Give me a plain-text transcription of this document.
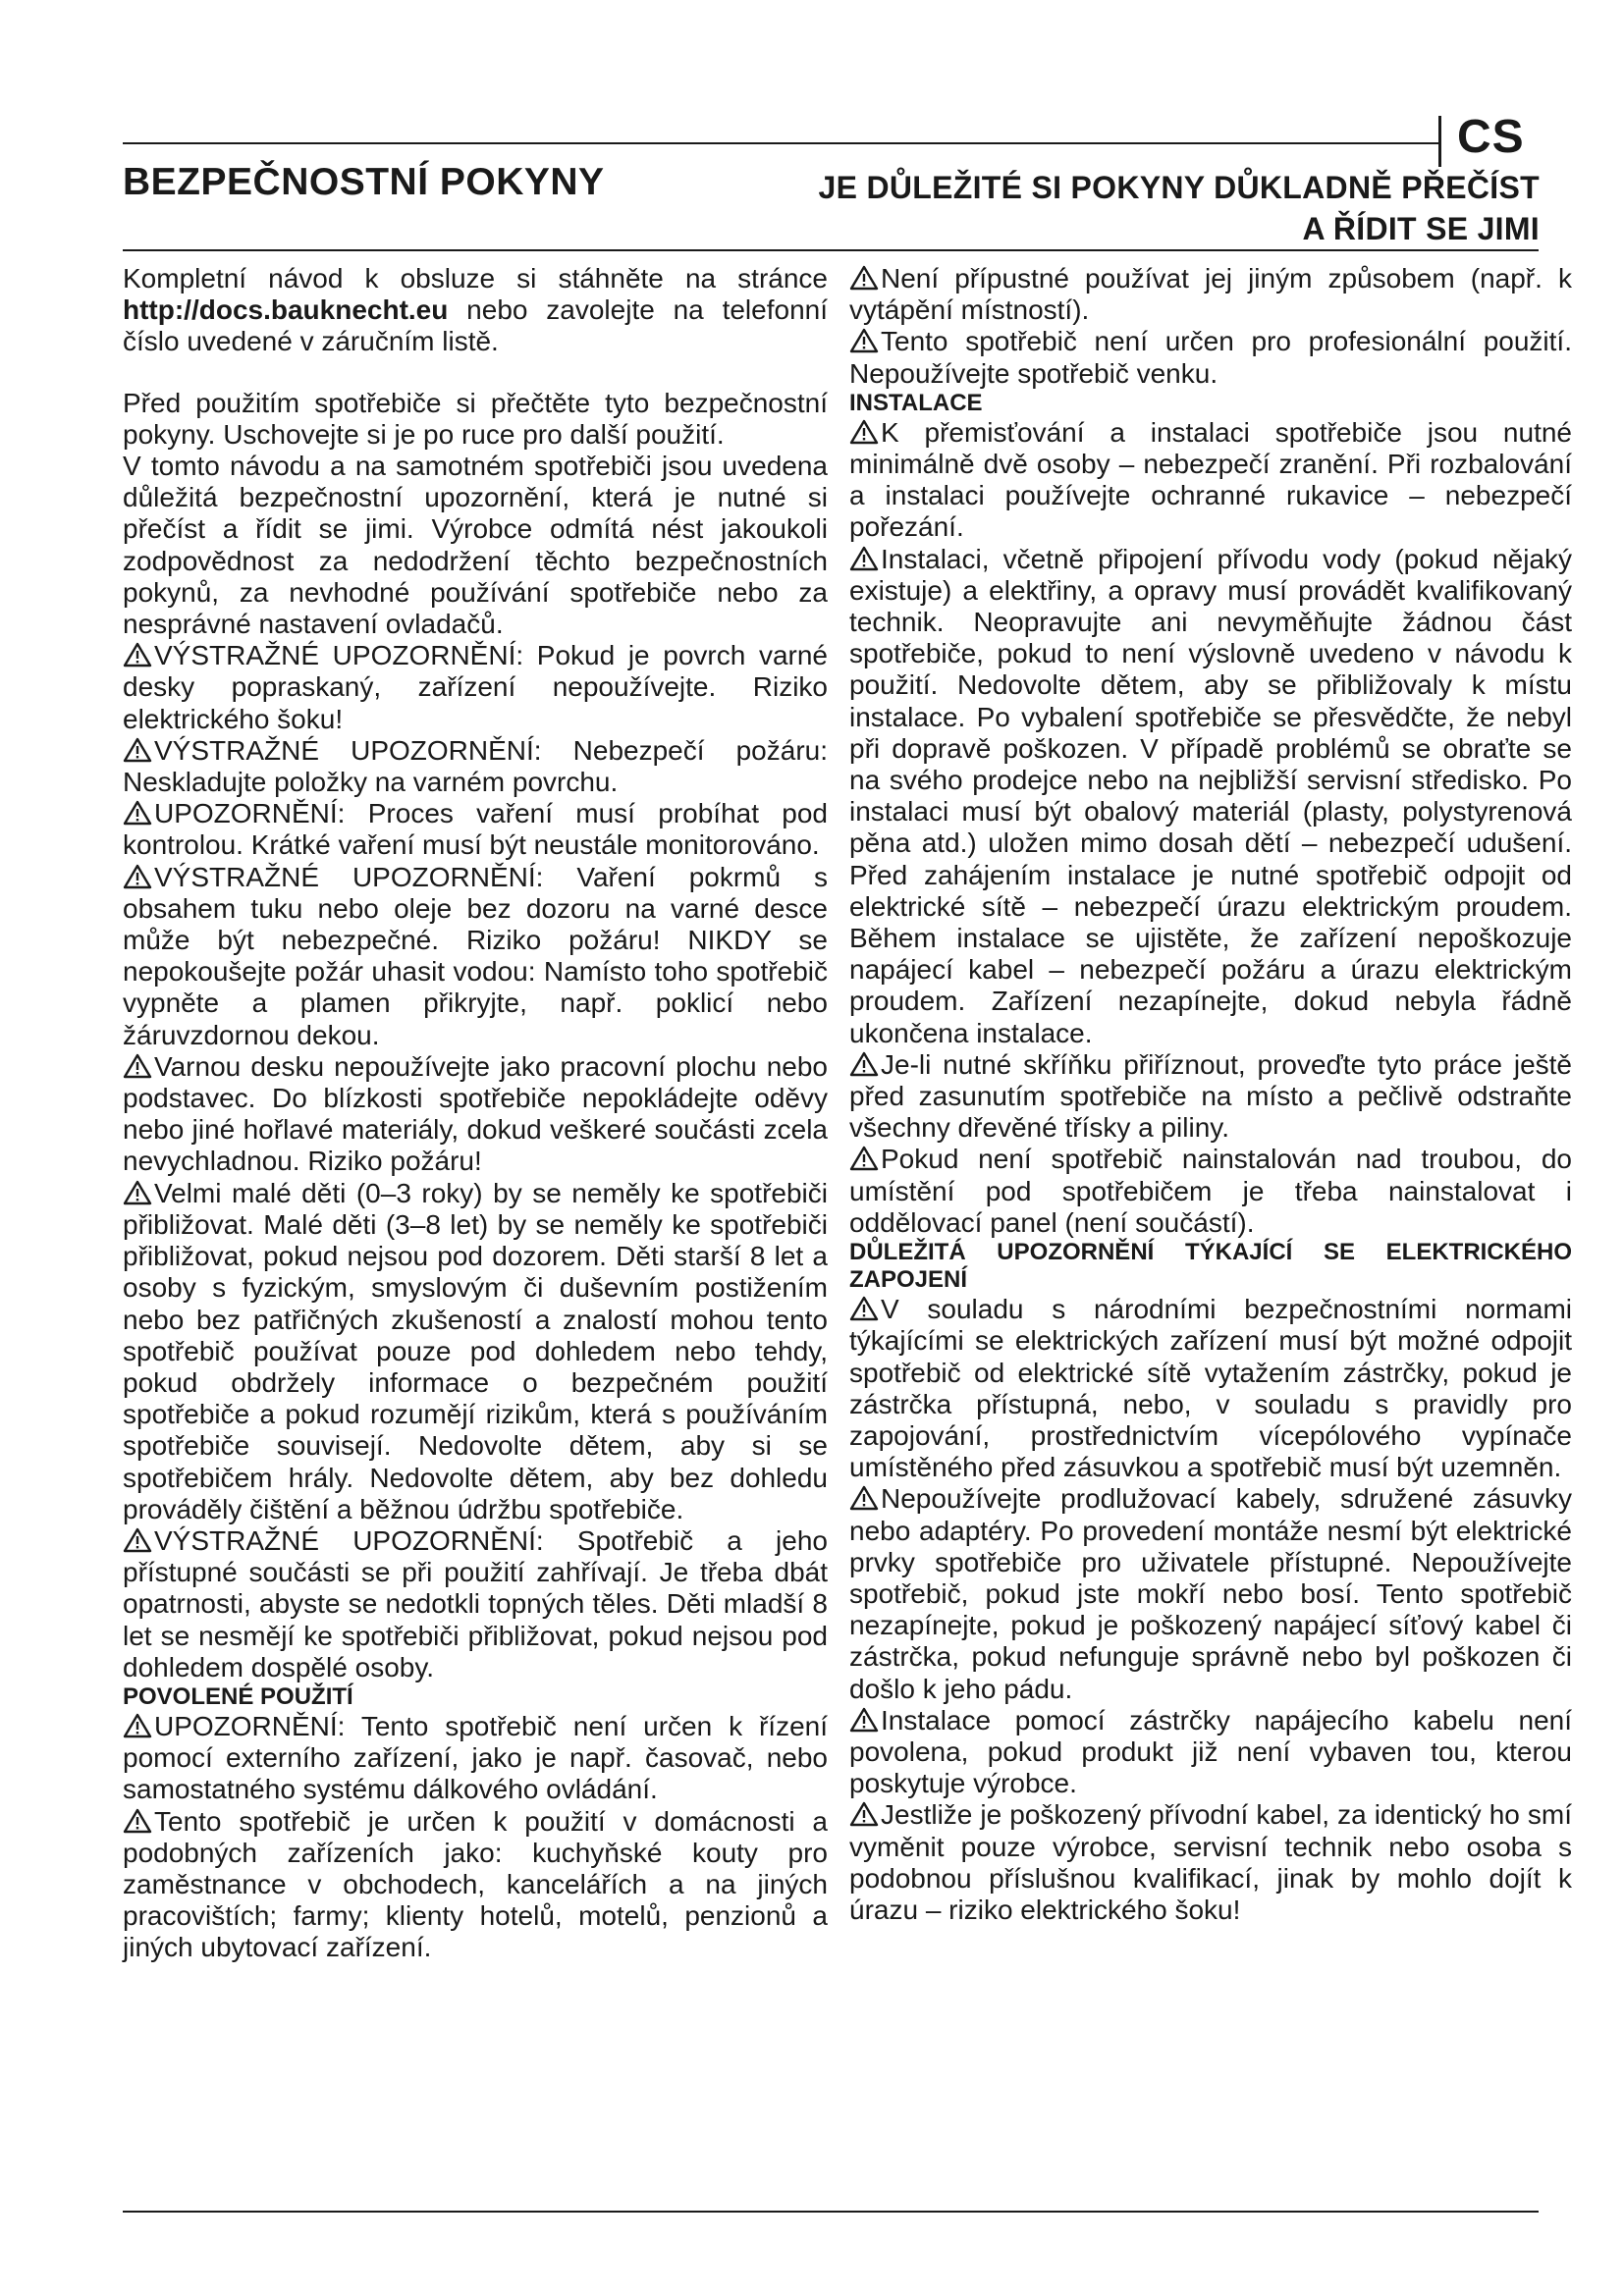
CS
BEZPEČNOSTNÍ POKYNY	JE DŮLEŽITÉ SI POKYNY DŮKLADNĚ PŘEČÍST
A ŘÍDIT SE JIMI

Kompletní návod k obsluze si stáhněte na stránce http://docs.bauknecht.eu nebo zavolejte na telefonní číslo uvedené v záručním listě.

Před použitím spotřebiče si přečtěte tyto bezpečnostní pokyny. Uschovejte si je po ruce pro další použití.

V tomto návodu a na samotném spotřebiči jsou uvedena důležitá bezpečnostní upozornění, která je nutné si přečíst a řídit se jimi. Výrobce odmítá nést jakoukoli zodpovědnost za nedodržení těchto bezpečnostních pokynů, za nevhodné používání spotřebiče nebo za nesprávné nastavení ovladačů.

VÝSTRAŽNÉ UPOZORNĚNÍ: Pokud je povrch varné desky popraskaný, zařízení nepoužívejte. Riziko elektrického šoku!

VÝSTRAŽNÉ UPOZORNĚNÍ: Nebezpečí požáru: Neskladujte položky na varném povrchu.

UPOZORNĚNÍ: Proces vaření musí probíhat pod kontrolou. Krátké vaření musí být neustále monitorováno.

VÝSTRAŽNÉ UPOZORNĚNÍ: Vaření pokrmů s obsahem tuku nebo oleje bez dozoru na varné desce může být nebezpečné. Riziko požáru! NIKDY se nepokoušejte požár uhasit vodou: Namísto toho spotřebič vypněte a plamen přikryjte, např. poklicí nebo žáruvzdornou dekou.

Varnou desku nepoužívejte jako pracovní plochu nebo podstavec. Do blízkosti spotřebiče nepokládejte oděvy nebo jiné hořlavé materiály, dokud veškeré součásti zcela nevychladnou. Riziko požáru!

Velmi malé děti (0–3 roky) by se neměly ke spotřebiči přibližovat. Malé děti (3–8 let) by se neměly ke spotřebiči přibližovat, pokud nejsou pod dozorem. Děti starší 8 let a osoby s fyzickým, smyslovým či duševním postižením nebo bez patřičných zkušeností a znalostí mohou tento spotřebič používat pouze pod dohledem nebo tehdy, pokud obdržely informace o bezpečném použití spotřebiče a pokud rozumějí rizikům, která s používáním spotřebiče souvisejí. Nedovolte dětem, aby si se spotřebičem hrály. Nedovolte dětem, aby bez dohledu prováděly čištění a běžnou údržbu spotřebiče.

VÝSTRAŽNÉ UPOZORNĚNÍ: Spotřebič a jeho přístupné součásti se při použití zahřívají. Je třeba dbát opatrnosti, abyste se nedotkli topných těles. Děti mladší 8 let se nesmějí ke spotřebiči přibližovat, pokud nejsou pod dohledem dospělé osoby.

POVOLENÉ POUŽITÍ

UPOZORNĚNÍ: Tento spotřebič není určen k řízení pomocí externího zařízení, jako je např. časovač, nebo samostatného systému dálkového ovládání.

Tento spotřebič je určen k použití v domácnosti a podobných zařízeních jako: kuchyňské kouty pro zaměstnance v obchodech, kancelářích a na jiných pracovištích; farmy; klienty hotelů, motelů, penzionů a jiných ubytovací zařízení.

Není přípustné používat jej jiným způsobem (např. k vytápění místností).

Tento spotřebič není určen pro profesionální použití. Nepoužívejte spotřebič venku.

INSTALACE

K přemisťování a instalaci spotřebiče jsou nutné minimálně dvě osoby – nebezpečí zranění. Při rozbalování a instalaci používejte ochranné rukavice – nebezpečí pořezání.

Instalaci, včetně připojení přívodu vody (pokud nějaký existuje) a elektřiny, a opravy musí provádět kvalifikovaný technik. Neopravujte ani nevyměňujte žádnou část spotřebiče, pokud to není výslovně uvedeno v návodu k použití. Nedovolte dětem, aby se přibližovaly k místu instalace. Po vybalení spotřebiče se přesvědčte, že nebyl při dopravě poškozen. V případě problémů se obraťte se na svého prodejce nebo na nejbližší servisní středisko. Po instalaci musí být obalový materiál (plasty, polystyrenová pěna atd.) uložen mimo dosah dětí – nebezpečí udušení. Před zahájením instalace je nutné spotřebič odpojit od elektrické sítě – nebezpečí úrazu elektrickým proudem. Během instalace se ujistěte, že zařízení nepoškozuje napájecí kabel – nebezpečí požáru a úrazu elektrickým proudem. Zařízení nezapínejte, dokud nebyla řádně ukončena instalace.

Je-li nutné skříňku přiříznout, proveďte tyto práce ještě před zasunutím spotřebiče na místo a pečlivě odstraňte všechny dřevěné třísky a piliny.

Pokud není spotřebič nainstalován nad troubou, do umístění pod spotřebičem je třeba nainstalovat i oddělovací panel (není součástí).

DŮLEŽITÁ UPOZORNĚNÍ TÝKAJÍCÍ SE ELEKTRICKÉHO ZAPOJENÍ

V souladu s národními bezpečnostními normami týkajícími se elektrických zařízení musí být možné odpojit spotřebič od elektrické sítě vytažením zástrčky, pokud je zástrčka přístupná, nebo, v souladu s pravidly pro zapojování, prostřednictvím vícepólového vypínače umístěného před zásuvkou a spotřebič musí být uzemněn.

Nepoužívejte prodlužovací kabely, sdružené zásuvky nebo adaptéry. Po provedení montáže nesmí být elektrické prvky spotřebiče pro uživatele přístupné. Nepoužívejte spotřebič, pokud jste mokří nebo bosí. Tento spotřebič nezapínejte, pokud je poškozený napájecí síťový kabel či zástrčka, pokud nefunguje správně nebo byl poškozen či došlo k jeho pádu.

Instalace pomocí zástrčky napájecího kabelu není povolena, pokud produkt již není vybaven tou, kterou poskytuje výrobce.

Jestliže je poškozený přívodní kabel, za identický ho smí vyměnit pouze výrobce, servisní technik nebo osoba s podobnou příslušnou kvalifikací, jinak by mohlo dojít k úrazu – riziko elektrického šoku!
